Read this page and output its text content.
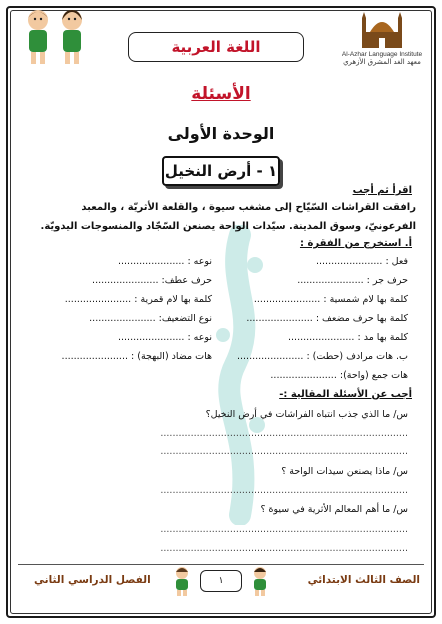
اللغة العربية	Al-Azhar Language Institute
معهد الغد المشرق الأزهري
الأسئلة
الوحدة الأولى
١ - أرض النخيل
اقرأ ثم أجب
رافقت القراشات السّيّاح إلى مشغب سيوة ، والقلعة الأثريّة ، والمعبد الفرعونيّ، وسوق المدينة. سيّدات الواحة يصنعن السّجّاد والمنسوجات اليدويّة.
أ. استخرج من الفقرة :
فعل : ......................
نوعه : ......................
حرف جر : ......................
حرف عطف: ......................
كلمة بها لام شمسية : ......................
كلمة بها لام قمرية : ......................
كلمة بها حرف مضعف : ......................
نوع التضعيف: ......................
كلمة بها مد : ......................
نوعه : ......................
ب. هات مرادف (حطت) : ......................
هات مضاد (البهجة) : ......................
هات جمع (واحة): ......................
أجب عن الأسئلة المقالية :-
س/ ما الذي جذب انتباه الفراشات في أرض النخيل؟
..................................................................................
..................................................................................
س/ ماذا يصنعن سيدات الواحة ؟
..................................................................................
س/ ما أهم المعالم الأثرية في سيوة ؟
..................................................................................
..................................................................................
الصف الثالث الابتدائي
الفصل الدراسي الثاني	١
